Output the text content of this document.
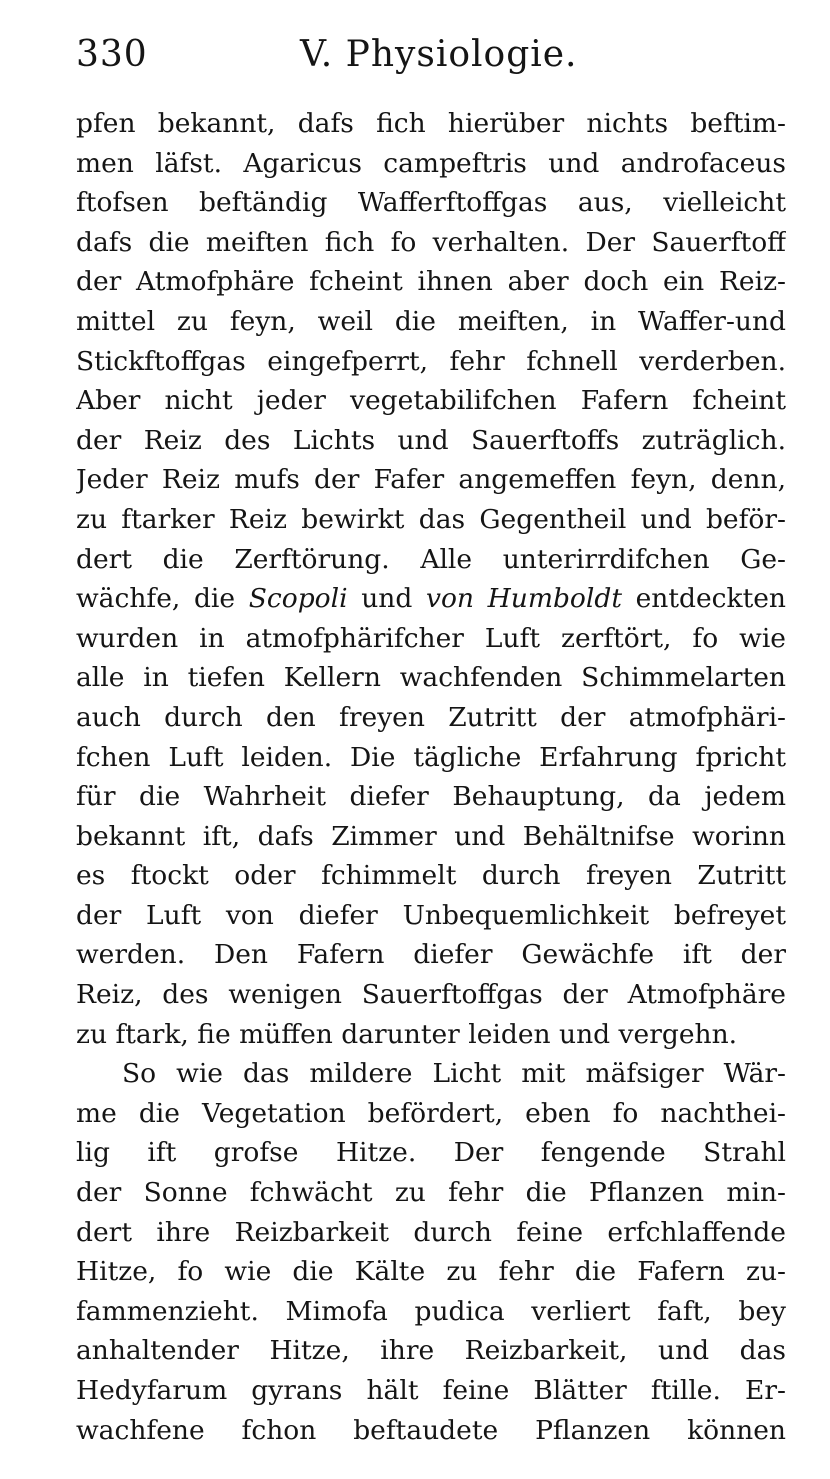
330	V. Physiologie.
pfen bekannt, dafs fich hierüber nichts beftim-
men läfst. Agaricus campeftris und androfaceus
ftofsen beftändig Wafferftoffgas aus, vielleicht
dafs die meiften fich fo verhalten. Der Sauerftoff
der Atmofphäre fcheint ihnen aber doch ein Reiz-
mittel zu feyn, weil die meiften, in Waffer-und
Stickftoffgas eingefperrt, fehr fchnell verderben.
Aber nicht jeder vegetabilifchen Fafern fcheint
der Reiz des Lichts und Sauerftoffs zuträglich.
Jeder Reiz mufs der Fafer angemeffen feyn, denn,
zu ftarker Reiz bewirkt das Gegentheil und beför-
dert die Zerftörung. Alle unterirrdifchen Ge-
wächfe, die Scopoli und von Humboldt entdeckten
wurden in atmofphärifcher Luft zerftört, fo wie
alle in tiefen Kellern wachfenden Schimmelarten
auch durch den freyen Zutritt der atmofphäri-
fchen Luft leiden. Die tägliche Erfahrung fpricht
für die Wahrheit diefer Behauptung, da jedem
bekannt ift, dafs Zimmer und Behältnifse worinn
es ftockt oder fchimmelt durch freyen Zutritt
der Luft von diefer Unbequemlichkeit befreyet
werden. Den Fafern diefer Gewächfe ift der
Reiz, des wenigen Sauerftoffgas der Atmofphäre
zu ftark, fie müffen darunter leiden und vergehn.
So wie das mildere Licht mit mäfsiger Wär-
me die Vegetation befördert, eben fo nachthei-
lig ift grofse Hitze. Der fengende Strahl
der Sonne fchwächt zu fehr die Pflanzen min-
dert ihre Reizbarkeit durch feine erfchlaffende
Hitze, fo wie die Kälte zu fehr die Fafern zu-
fammenzieht. Mimofa pudica verliert faft, bey
anhaltender Hitze, ihre Reizbarkeit, und das
Hedyfarum gyrans hält feine Blätter ftille. Er-
wachfene fchon beftaudete Pflanzen können
